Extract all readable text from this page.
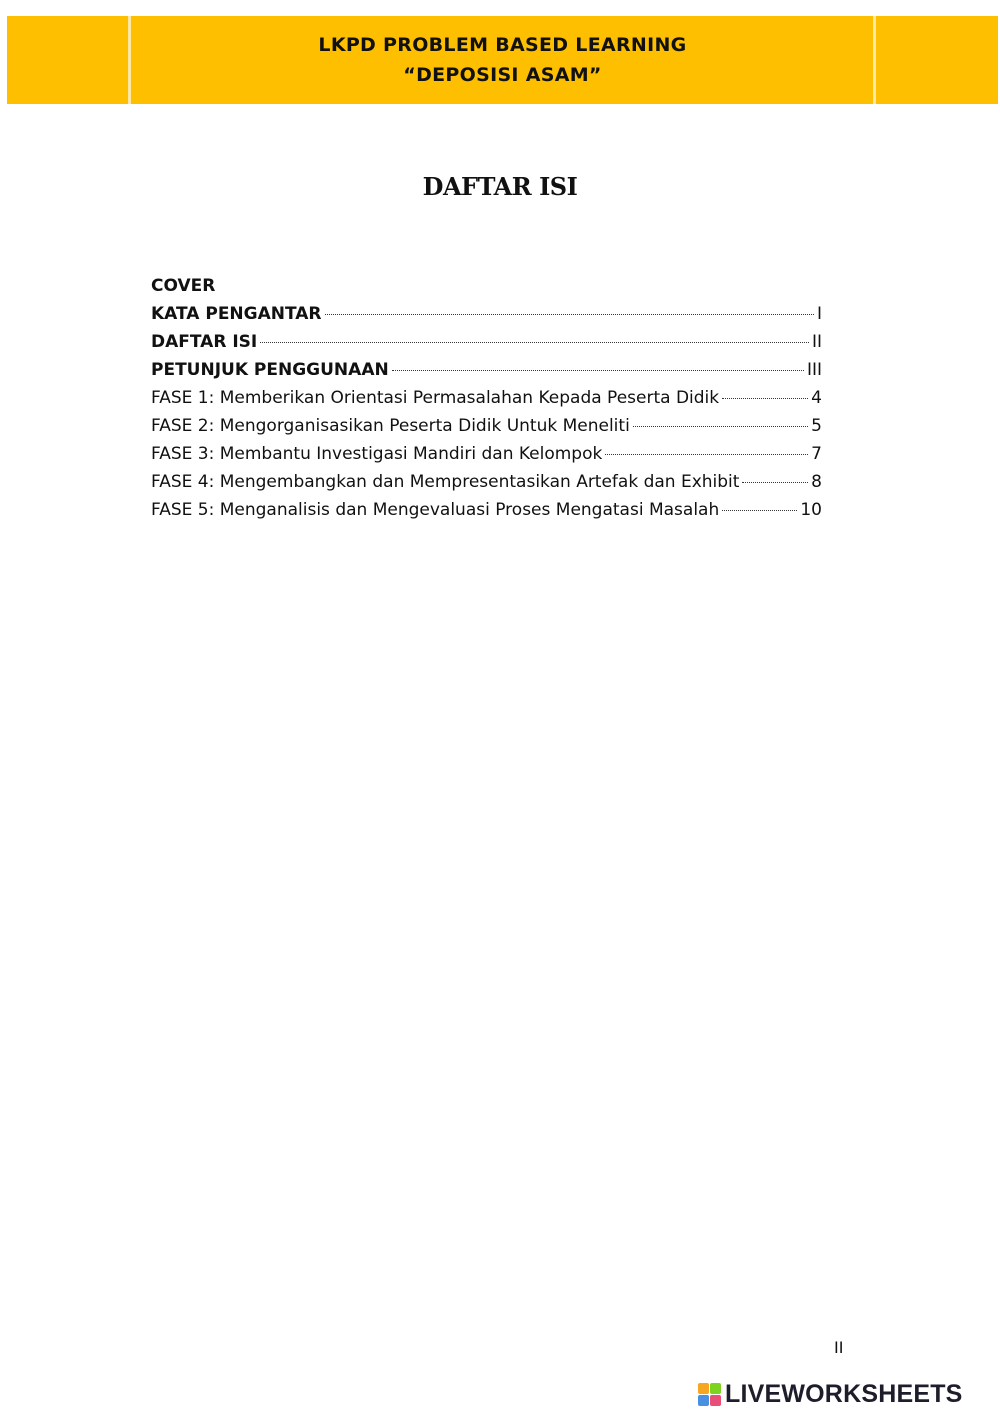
LKPD PROBLEM BASED LEARNING
“DEPOSISI ASAM”
DAFTAR ISI
COVER
KATA PENGANTAR	I
DAFTAR ISI	II
PETUNJUK PENGGUNAAN	III
FASE 1: Memberikan Orientasi Permasalahan Kepada Peserta Didik	4
FASE 2: Mengorganisasikan Peserta Didik Untuk Meneliti	5
FASE 3: Membantu Investigasi Mandiri dan Kelompok	7
FASE 4: Mengembangkan dan Mempresentasikan Artefak dan Exhibit	8
FASE 5: Menganalisis dan Mengevaluasi Proses Mengatasi Masalah	10
II
LIVEWORKSHEETS
